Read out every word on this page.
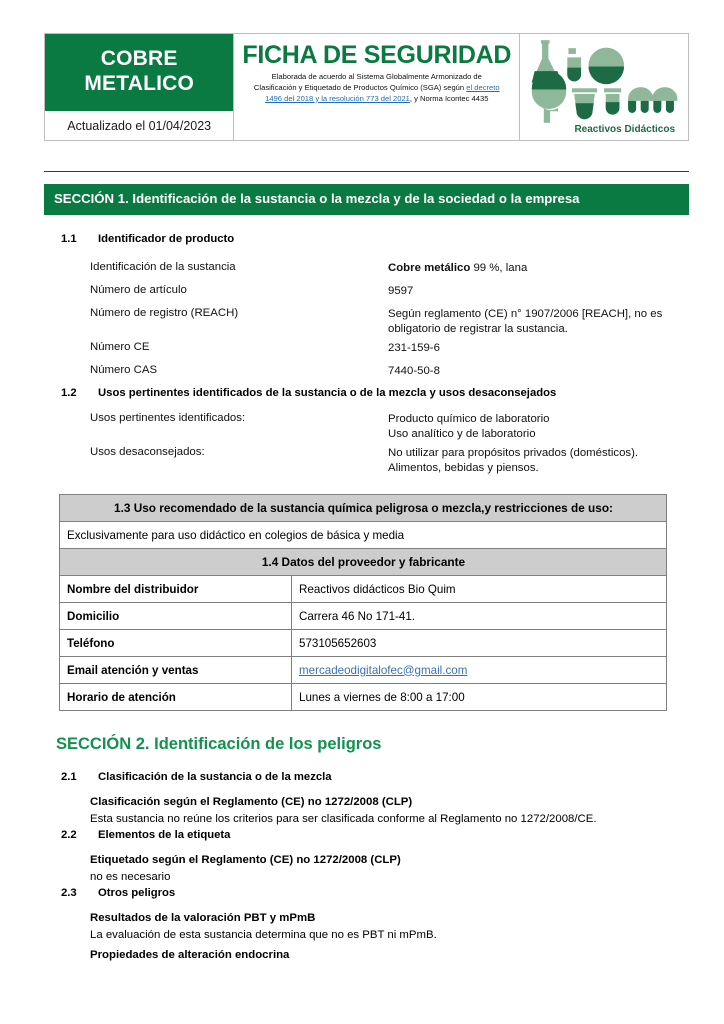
COBRE
METALICO
Actualizado el 01/04/2023
FICHA DE SEGURIDAD
Elaborada de acuerdo al Sistema Globalmente Armonizado de Clasificación y Etiquetado de Productos Químico (SGA) según el decreto 1496 del 2018 y la resolución 773 del 2021, y Norma Icontec 4435
Reactivos Didácticos
SECCIÓN 1. Identificación de la sustancia o la mezcla y de la sociedad o la empresa
1.1	Identificador de producto
Identificación de la sustancia	Cobre metálico 99 %, lana
Número de artículo	9597
Número de registro (REACH)	Según reglamento (CE) n° 1907/2006 [REACH], no es obligatorio de registrar la sustancia.
Número CE	231-159-6
Número CAS	7440-50-8
1.2	Usos pertinentes identificados de la sustancia o de la mezcla y usos desaconsejados
Usos pertinentes identificados:	Producto químico de laboratorio
Uso analítico y de laboratorio
Usos desaconsejados:	No utilizar para propósitos privados (domésticos).
Alimentos, bebidas y piensos.
1.3 Uso recomendado de la sustancia química peligrosa o mezcla,y restricciones de uso:	
Exclusivamente para uso didáctico en colegios de básica y media	
1.4 Datos del proveedor y fabricante	
Nombre del distribuidor	Reactivos didácticos Bio Quim
Domicilio	Carrera 46 No 171-41.
Teléfono	573105652603
Email atención y ventas	mercadeodigitalofec@gmail.com
Horario de atención	Lunes a viernes de 8:00 a 17:00
SECCIÓN 2. Identificación de los peligros
2.1	Clasificación de la sustancia o de la mezcla
Clasificación según el Reglamento (CE) no 1272/2008 (CLP)
Esta sustancia no reúne los criterios para ser clasificada conforme al Reglamento no 1272/2008/CE.
2.2	Elementos de la etiqueta
Etiquetado según el Reglamento (CE) no 1272/2008 (CLP)
no es necesario
2.3	Otros peligros
Resultados de la valoración PBT y mPmB
La evaluación de esta sustancia determina que no es PBT ni mPmB.
Propiedades de alteración endocrina
